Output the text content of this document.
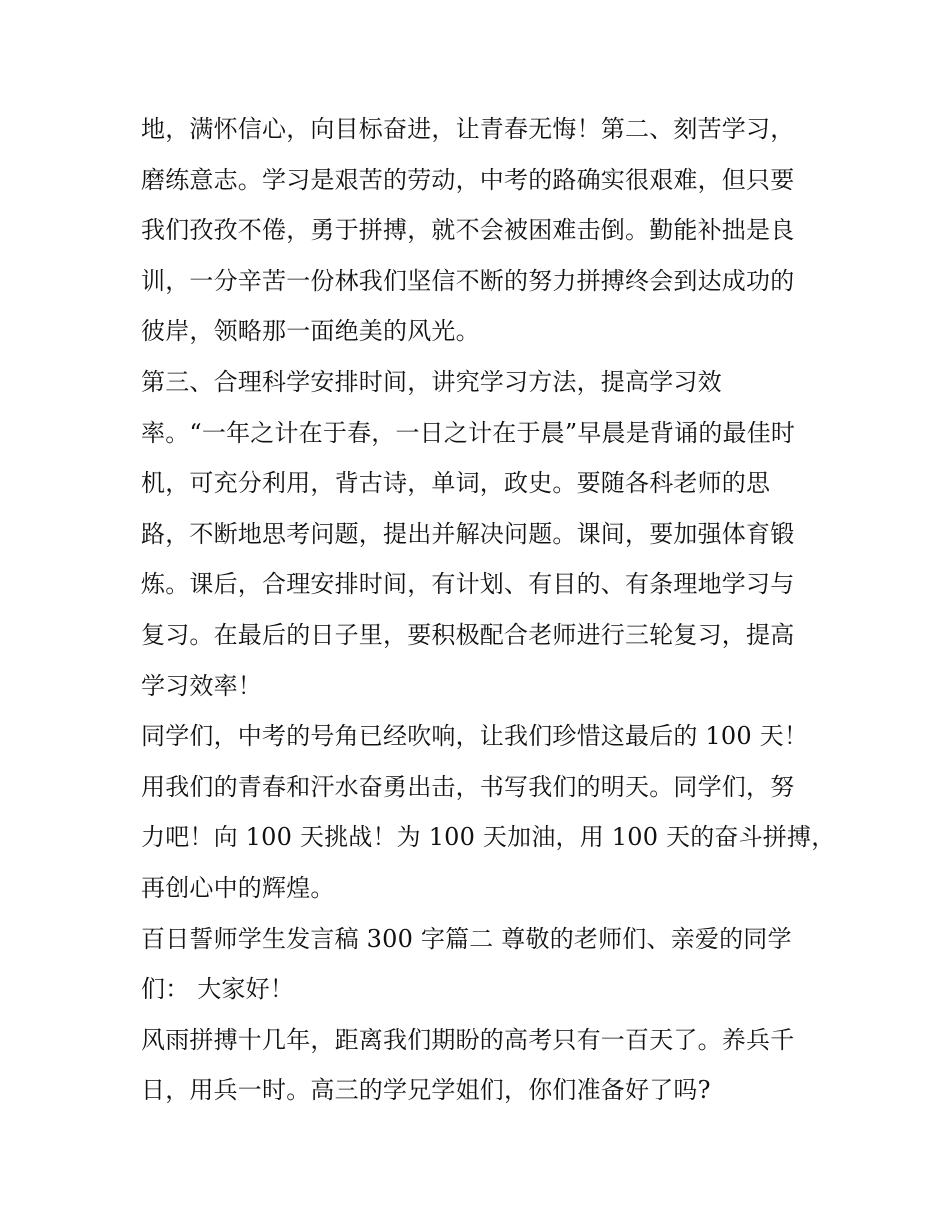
地，满怀信心，向目标奋进，让青春无悔！第二、刻苦学习，
磨练意志。学习是艰苦的劳动，中考的路确实很艰难，但只要
我们孜孜不倦，勇于拼搏，就不会被困难击倒。勤能补拙是良
训，一分辛苦一份林我们坚信不断的努力拼搏终会到达成功的
彼岸，领略那一面绝美的风光。
第三、合理科学安排时间，讲究学习方法，提高学习效
率。“一年之计在于春，一日之计在于晨”早晨是背诵的最佳时
机，可充分利用，背古诗，单词，政史。要随各科老师的思
路，不断地思考问题，提出并解决问题。课间，要加强体育锻
炼。课后，合理安排时间，有计划、有目的、有条理地学习与
复习。在最后的日子里，要积极配合老师进行三轮复习，提高
学习效率！
同学们，中考的号角已经吹响，让我们珍惜这最后的 100 天！
用我们的青春和汗水奋勇出击，书写我们的明天。同学们，努
力吧！向 100 天挑战！为 100 天加油，用 100 天的奋斗拼搏，
再创心中的辉煌。
百日誓师学生发言稿 300 字篇二 尊敬的老师们、亲爱的同学
们： 大家好！
风雨拼搏十几年，距离我们期盼的高考只有一百天了。养兵千
日，用兵一时。高三的学兄学姐们，你们准备好了吗?
